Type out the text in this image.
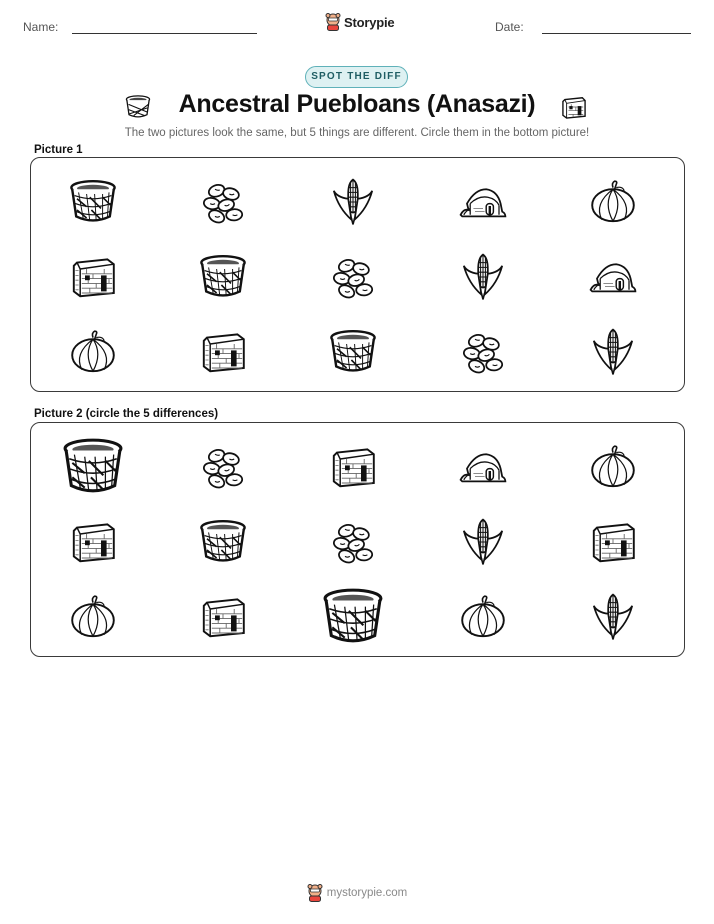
Name:	Storypie	Date:
SPOT THE DIFF
Ancestral Puebloans (Anasazi)
The two pictures look the same, but 5 things are different. Circle them in the bottom picture!
Picture 1
Picture 2 (circle the 5 differences)
mystorypie.com
